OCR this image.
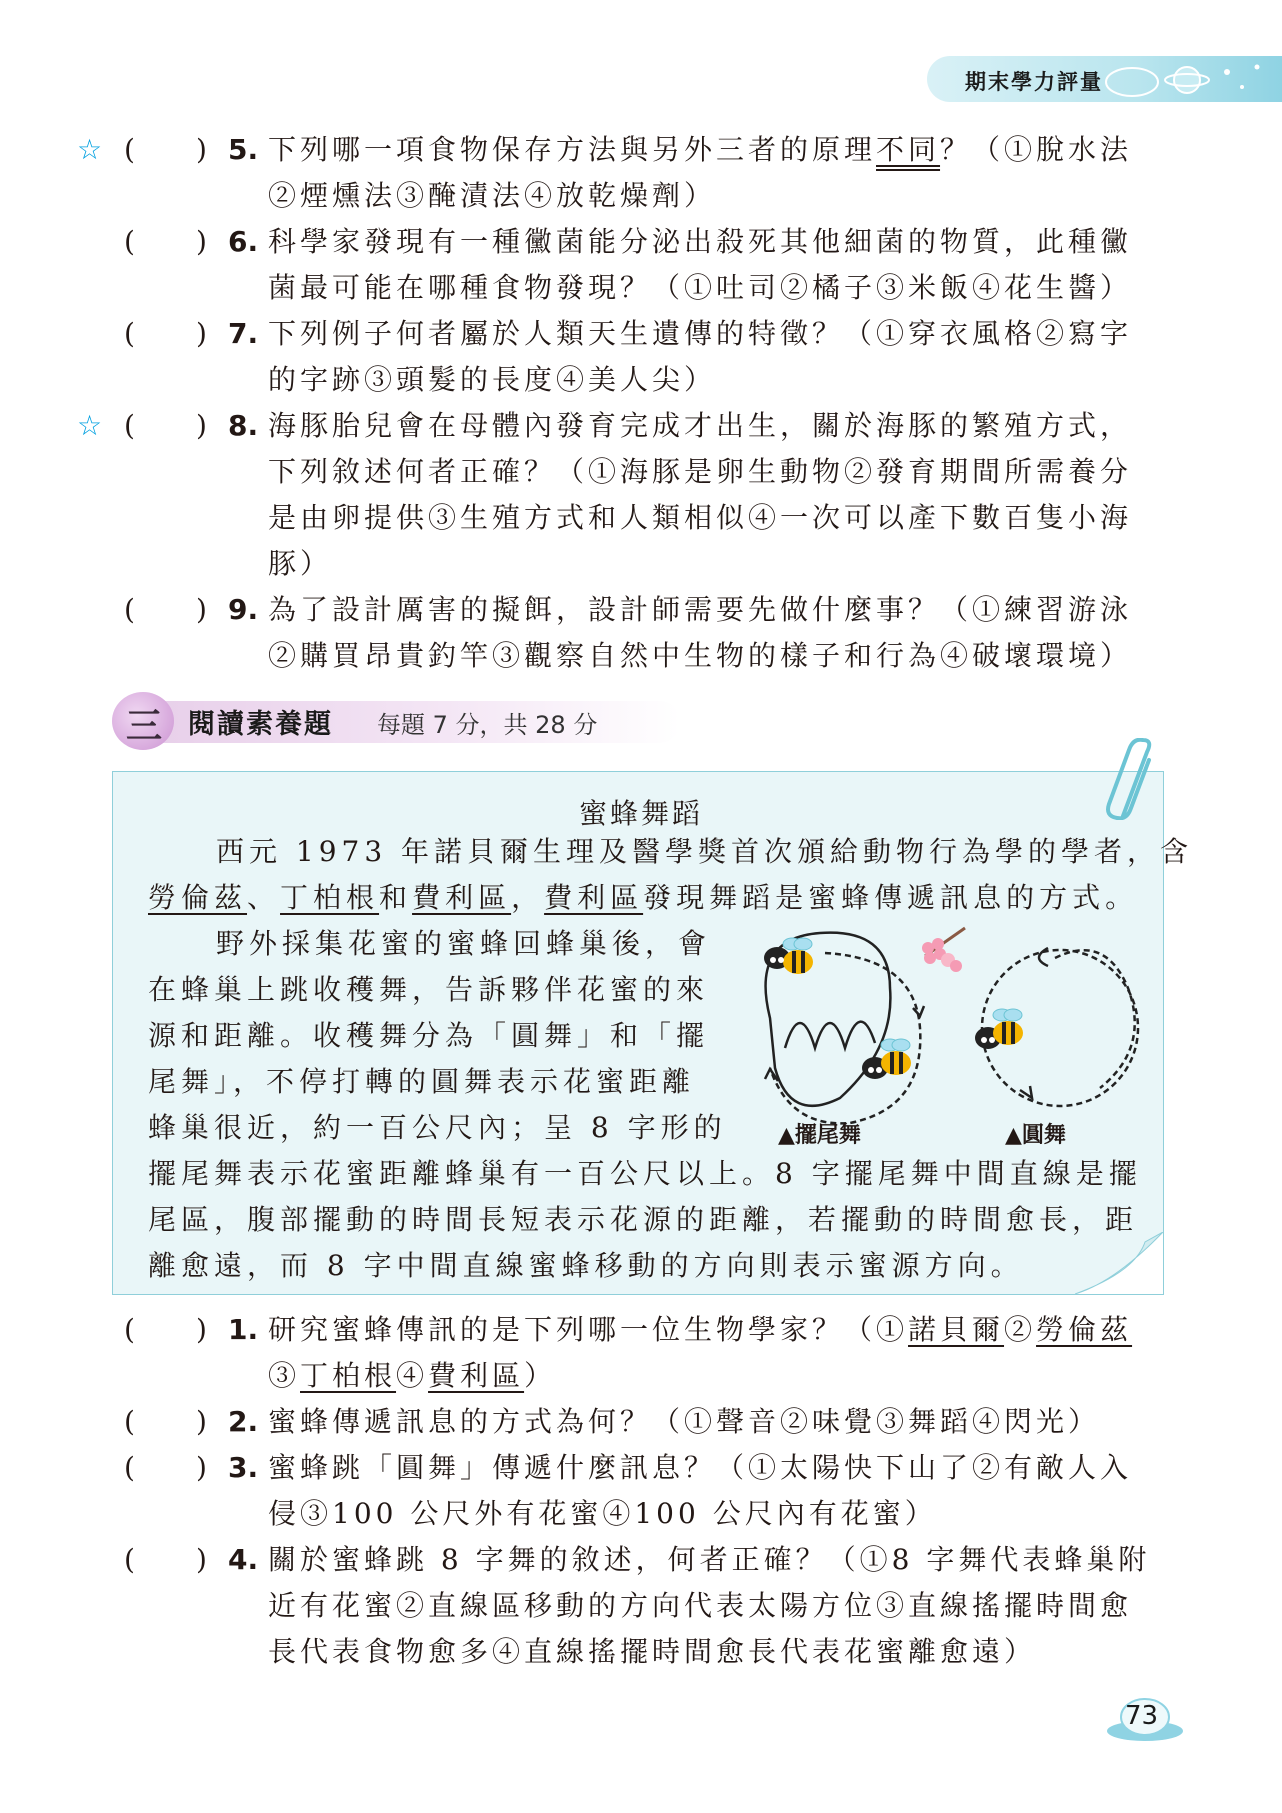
期末學力評量
☆ ( ) 5. 下列哪一項食物保存方法與另外三者的原理不同？（①脫水法
②煙燻法③醃漬法④放乾燥劑）
( ) 6. 科學家發現有一種黴菌能分泌出殺死其他細菌的物質，此種黴
菌最可能在哪種食物發現？（①吐司②橘子③米飯④花生醬）
( ) 7. 下列例子何者屬於人類天生遺傳的特徵？（①穿衣風格②寫字
的字跡③頭髮的長度④美人尖）
☆ ( ) 8. 海豚胎兒會在母體內發育完成才出生，關於海豚的繁殖方式，
下列敘述何者正確？（①海豚是卵生動物②發育期間所需養分
是由卵提供③生殖方式和人類相似④一次可以產下數百隻小海
豚）
( ) 9. 為了設計厲害的擬餌，設計師需要先做什麼事？（①練習游泳
②購買昂貴釣竿③觀察自然中生物的樣子和行為④破壞環境）
三 閱讀素養題 每題 7 分，共 28 分
蜜蜂舞蹈
西元 1973 年諾貝爾生理及醫學獎首次頒給動物行為學的學者，含
勞倫茲、丁柏根和費利區，費利區發現舞蹈是蜜蜂傳遞訊息的方式。
野外採集花蜜的蜜蜂回蜂巢後，會
在蜂巢上跳收穫舞，告訴夥伴花蜜的來
源和距離。收穫舞分為「圓舞」和「擺
尾舞」，不停打轉的圓舞表示花蜜距離
蜂巢很近，約一百公尺內；呈 8 字形的
擺尾舞表示花蜜距離蜂巢有一百公尺以上。8 字擺尾舞中間直線是擺
尾區，腹部擺動的時間長短表示花源的距離，若擺動的時間愈長，距
離愈遠，而 8 字中間直線蜜蜂移動的方向則表示蜜源方向。
▲擺尾舞	▲圓舞
( ) 1. 研究蜜蜂傳訊的是下列哪一位生物學家？（①諾貝爾②勞倫茲
③丁柏根④費利區）
( ) 2. 蜜蜂傳遞訊息的方式為何？（①聲音②味覺③舞蹈④閃光）
( ) 3. 蜜蜂跳「圓舞」傳遞什麼訊息？（①太陽快下山了②有敵人入
侵③100 公尺外有花蜜④100 公尺內有花蜜）
( ) 4. 關於蜜蜂跳 8 字舞的敘述，何者正確？（①8 字舞代表蜂巢附
近有花蜜②直線區移動的方向代表太陽方位③直線搖擺時間愈
長代表食物愈多④直線搖擺時間愈長代表花蜜離愈遠）
73
